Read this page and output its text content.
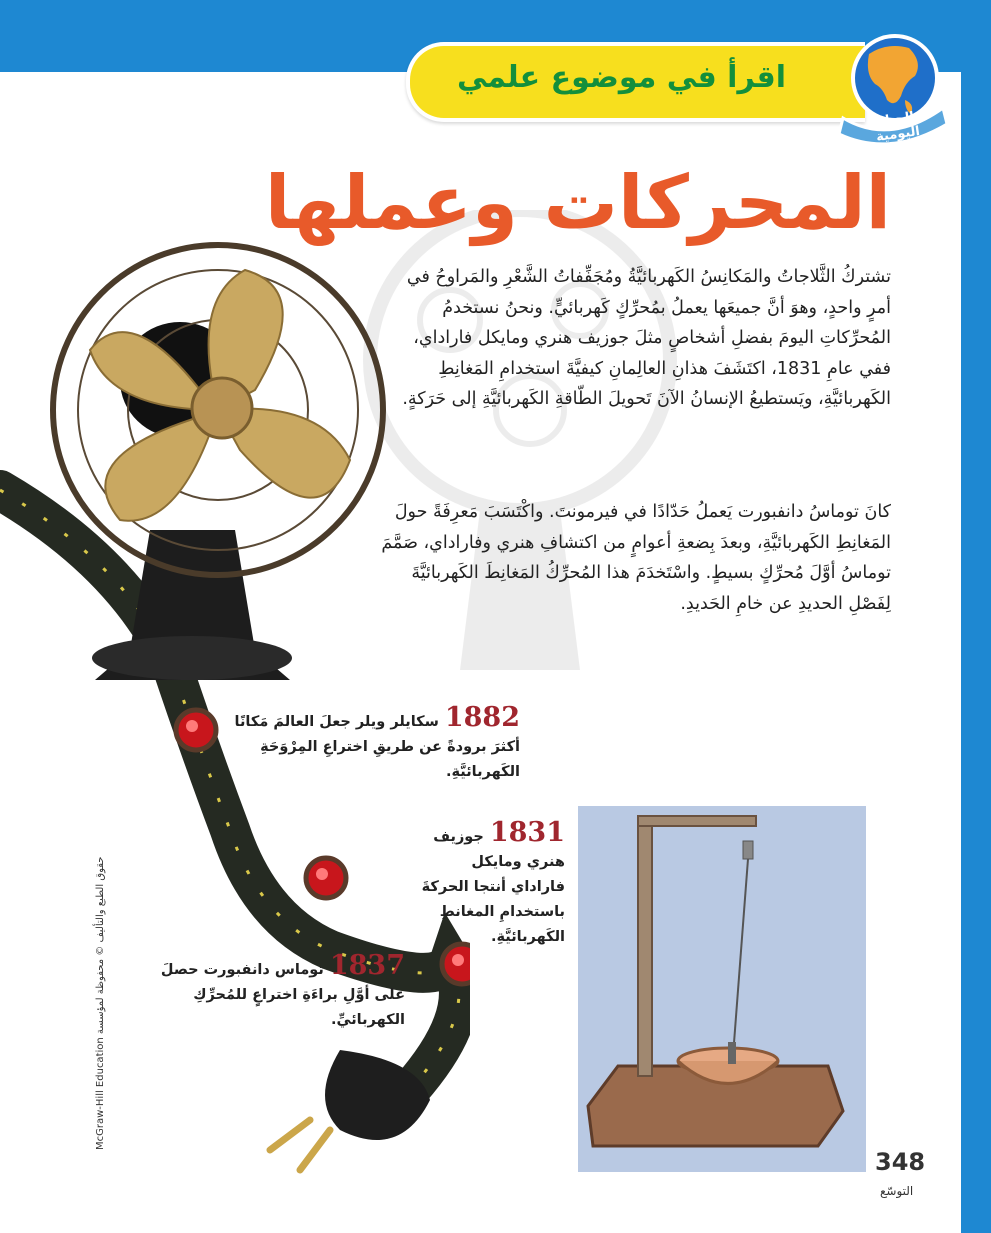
اقرأ في موضوع علمي
الحياة اليومية
المحركات وعملها
تشتركُ الثَّلاجاتُ والمَكانِسُ الكَهربائيَّةُ ومُجَفِّفاتُ الشَّعْرِ والمَراوحُ في أمرٍ واحدٍ، وهوَ أنَّ جميعَها يعملُ بمُحرِّكٍ كَهربائيٍّ. ونحنُ نستخدمُ المُحرِّكاتِ اليومَ بفضلِ أشخاصٍ مثلَ جوزيف هنري ومايكل فاراداي، ففي عامِ 1831، اكتَشَفَ هذانِ العالِمانِ كيفيَّةَ استخدامِ المَغانِطِ الكَهربائيَّةِ، ويَستطيعُ الإنسانُ الآنَ تَحويلَ الطّاقةِ الكَهربائيَّةِ إلى حَرَكةٍ.
كانَ توماسُ دانفبورت يَعملُ حَدّادًا في فيرمونتَ. واكْتَسَبَ مَعرِفَةً حولَ المَغانِطِ الكَهربائيَّةِ، وبعدَ بِضعةِ أعوامٍ من اكتشافِ هنري وفاراداي، صَمَّمَ توماسُ أوَّلَ مُحرِّكٍ بسيطٍ. واسْتَخدَمَ هذا المُحرِّكُ المَغانِطَ الكَهربائيَّةَ لِفَصْلِ الحديدِ عن خامِ الحَديدِ.
1882سكايلر ويلر جعلَ العالمَ مَكانًا أكثرَ برودةً عن طريقِ اختراعِ المِرْوَحَةِ الكَهربائيَّةِ.
1831جوزيف هنري ومايكل فاراداي أنتجا الحركةَ باستخدامِ المغانطِ الكَهربائيَّةِ.
1837توماس دانفبورت حصلَ على أوَّلِ براءَةِ اختراعٍ للمُحرِّكِ الكهربائيِّ.
McGraw-Hill Education حقوق الطبع والتأليف © محفوظة لمؤسسة
348
التوسّع
